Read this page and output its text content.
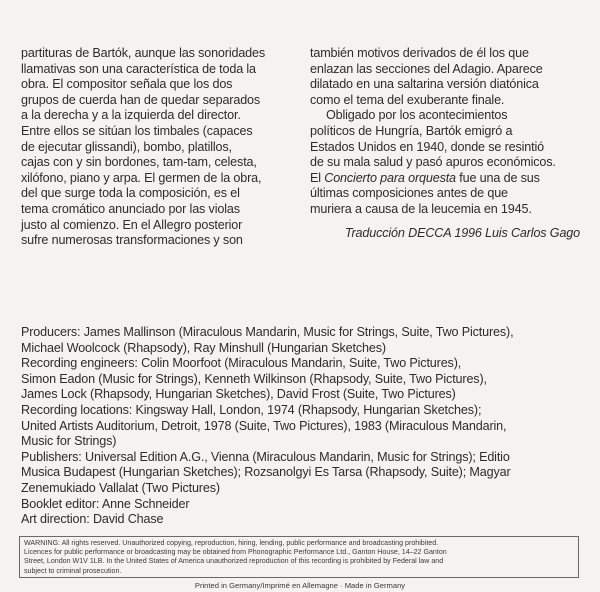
partituras de Bartók, aunque las sonoridades
llamativas son una característica de toda la
obra. El compositor señala que los dos
grupos de cuerda han de quedar separados
a la derecha y a la izquierda del director.
Entre ellos se sitúan los timbales (capaces
de ejecutar glissandi), bombo, platillos,
cajas con y sin bordones, tam-tam, celesta,
xilófono, piano y arpa. El germen de la obra,
del que surge toda la composición, es el
tema cromático anunciado por las violas
justo al comienzo. En el Allegro posterior
sufre numerosas transformaciones y son

también motivos derivados de él los que
enlazan las secciones del Adagio. Aparece
dilatado en una saltarina versión diatónica
como el tema del exuberante finale.

Obligado por los acontecimientos
políticos de Hungría, Bartók emigró a
Estados Unidos en 1940, donde se resintió
de su mala salud y pasó apuros económicos.
El Concierto para orquesta fue una de sus
últimas composiciones antes de que
muriera a causa de la leucemia en 1945.

Traducción DECCA 1996 Luis Carlos Gago

Producers: James Mallinson (Miraculous Mandarin, Music for Strings, Suite, Two Pictures),
Michael Woolcock (Rhapsody), Ray Minshull (Hungarian Sketches)
Recording engineers: Colin Moorfoot (Miraculous Mandarin, Suite, Two Pictures),
Simon Eadon (Music for Strings), Kenneth Wilkinson (Rhapsody, Suite, Two Pictures),
James Lock (Rhapsody, Hungarian Sketches), David Frost (Suite, Two Pictures)
Recording locations: Kingsway Hall, London, 1974 (Rhapsody, Hungarian Sketches);
United Artists Auditorium, Detroit, 1978 (Suite, Two Pictures), 1983 (Miraculous Mandarin,
Music for Strings)
Publishers: Universal Edition A.G., Vienna (Miraculous Mandarin, Music for Strings); Editio
Musica Budapest (Hungarian Sketches); Rozsanolgyi Es Tarsa (Rhapsody, Suite); Magyar
Zenemukiado Vallalat (Two Pictures)
Booklet editor: Anne Schneider
Art direction: David Chase
WARNING: All rights reserved. Unauthorized copying, reproduction, hiring, lending, public performance and broadcasting prohibited.
Licences for public performance or broadcasting may be obtained from Phonographic Performance Ltd., Ganton House, 14–22 Ganton
Street, London W1V 1LB. In the United States of America unauthorized reproduction of this recording is prohibited by Federal law and
subject to criminal prosecution.
Printed in Germany/Imprimé en Allemagne · Made in Germany
